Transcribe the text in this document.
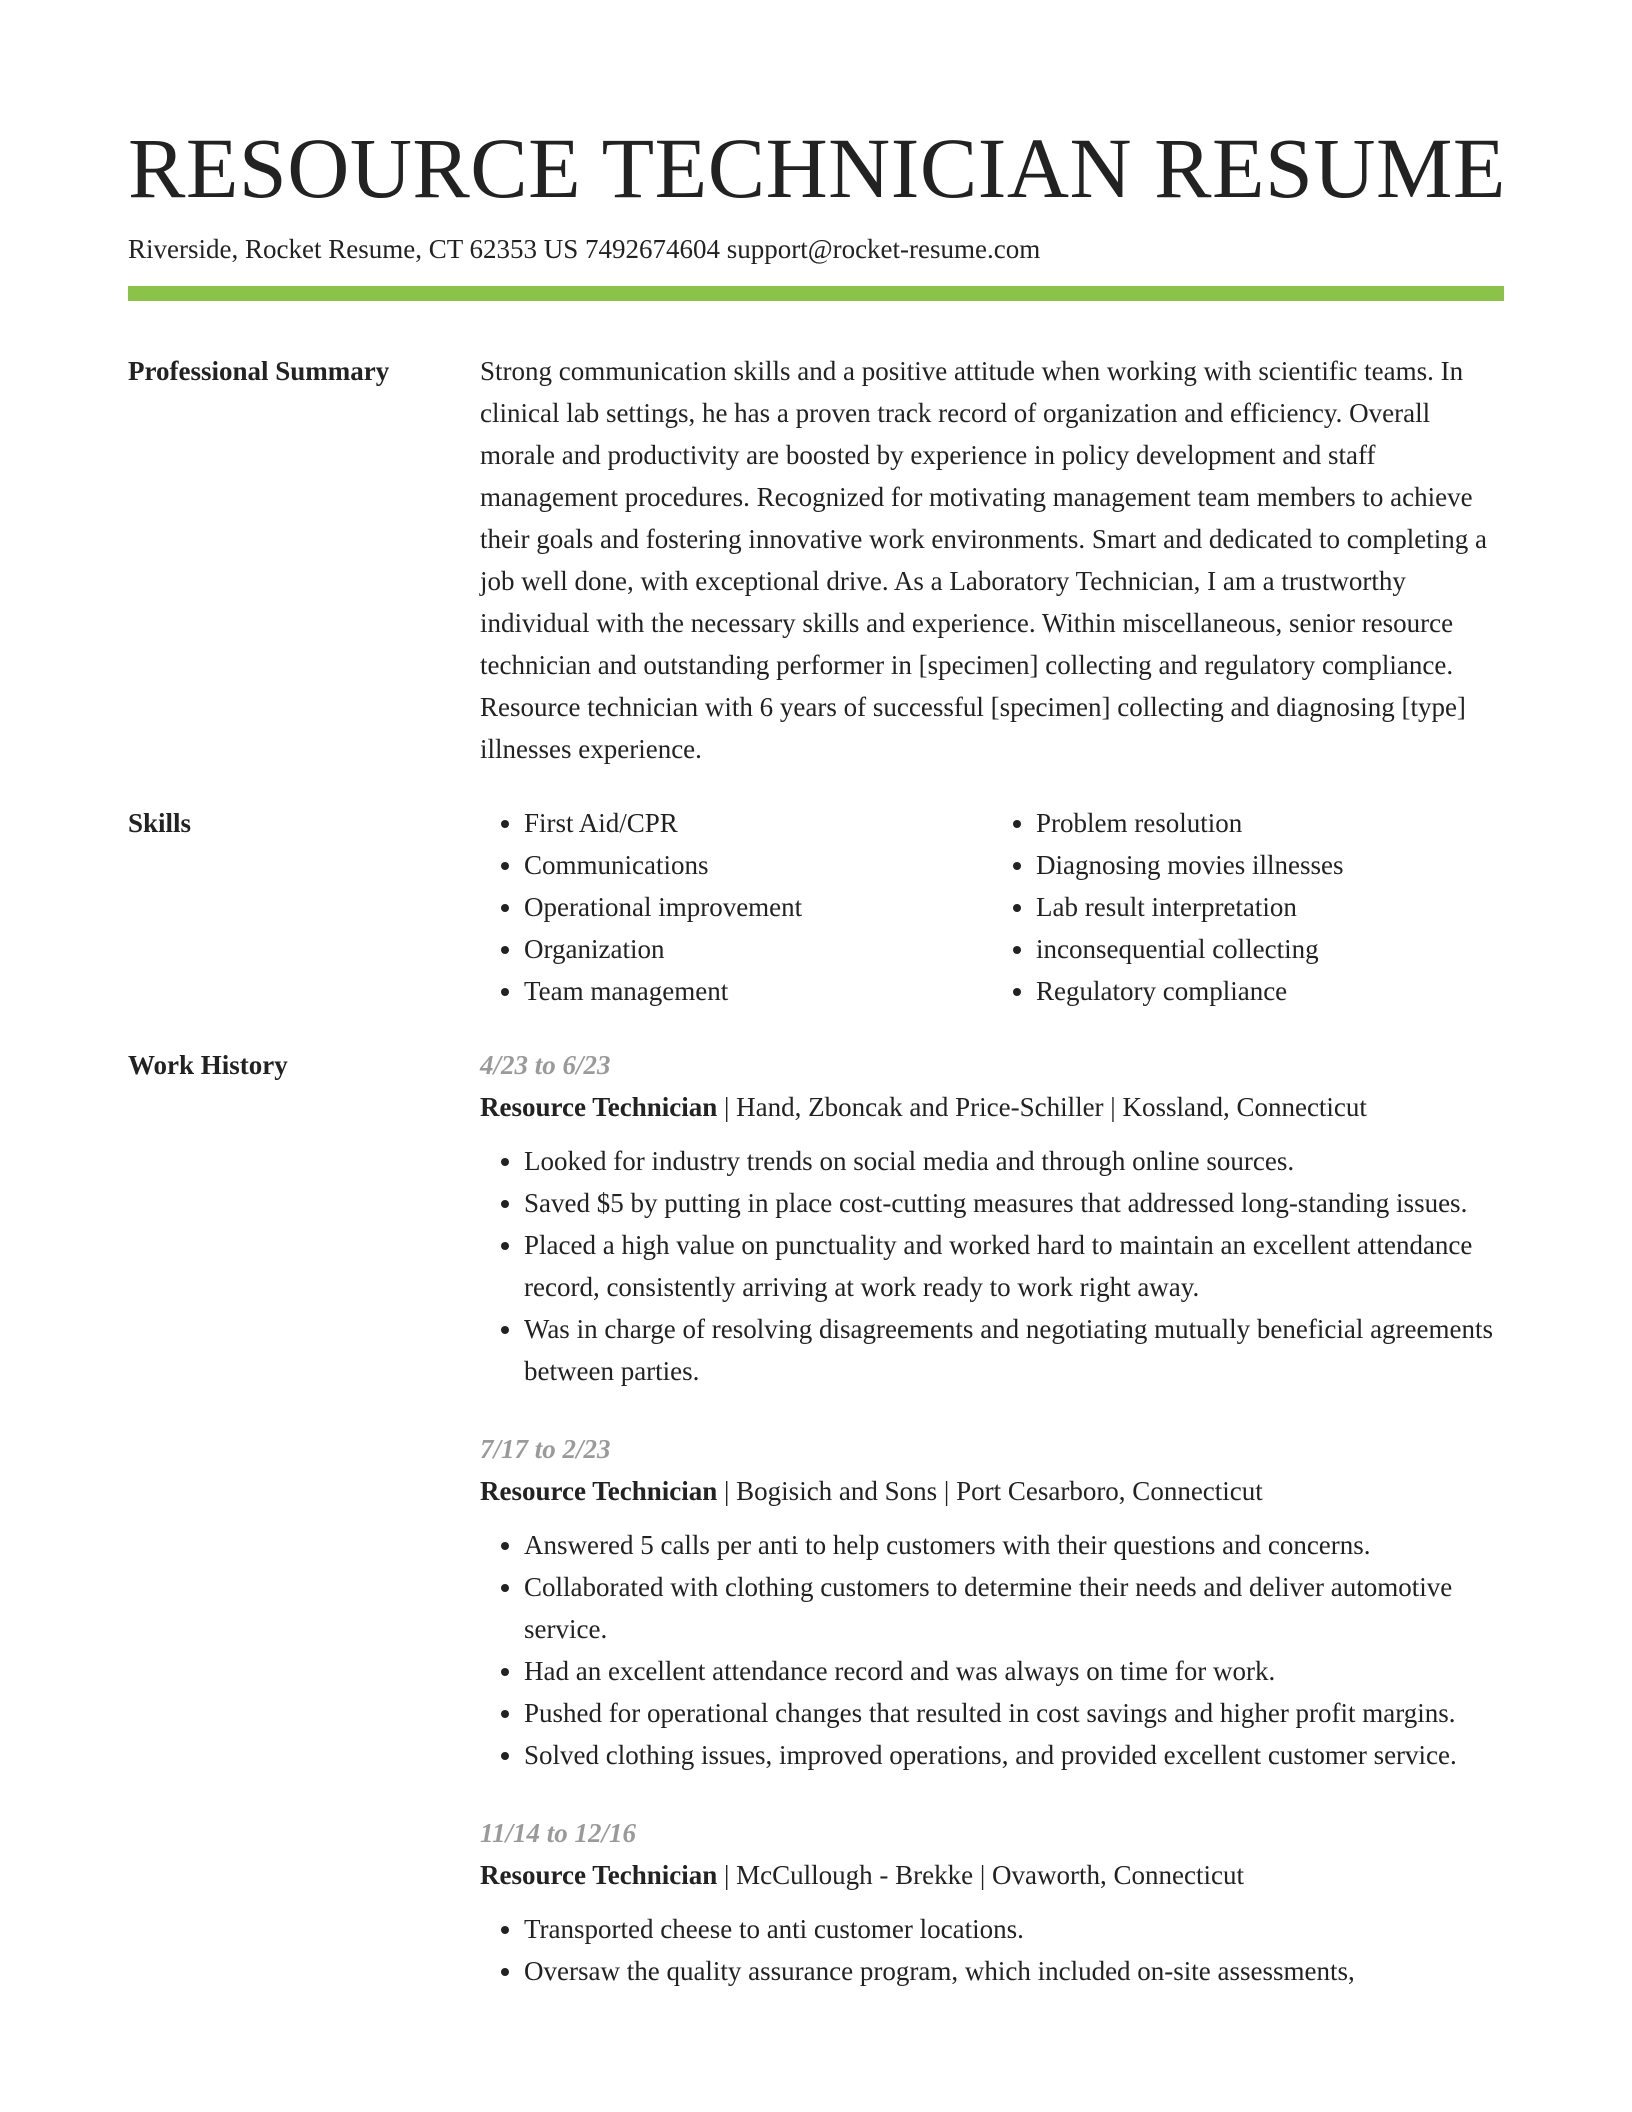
RESOURCE TECHNICIAN RESUME
Riverside, Rocket Resume, CT 62353 US 7492674604 support@rocket-resume.com
Professional Summary	Strong communication skills and a positive attitude when working with scientific teams. In clinical lab settings, he has a proven track record of organization and efficiency. Overall morale and productivity are boosted by experience in policy development and staff management procedures. Recognized for motivating management team members to achieve their goals and fostering innovative work environments. Smart and dedicated to completing a job well done, with exceptional drive. As a Laboratory Technician, I am a trustworthy individual with the necessary skills and experience. Within miscellaneous, senior resource technician and outstanding performer in [specimen] collecting and regulatory compliance. Resource technician with 6 years of successful [specimen] collecting and diagnosing [type] illnesses experience.

Skills
•	First Aid/CPR
• Communications
• Operational improvement
• Organization
• Team management
• Problem resolution
• Diagnosing movies illnesses
• Lab result interpretation
• inconsequential collecting
• Regulatory compliance
Work History	4/23 to 6/23
Resource Technician | Hand, Zboncak and Price-Schiller | Kossland, Connecticut
• Looked for industry trends on social media and through online sources.
• Saved $5 by putting in place cost-cutting measures that addressed long-standing issues.
• Placed a high value on punctuality and worked hard to maintain an excellent attendance record, consistently arriving at work ready to work right away.
• Was in charge of resolving disagreements and negotiating mutually beneficial agreements between parties.
7/17 to 2/23
Resource Technician | Bogisich and Sons | Port Cesarboro, Connecticut
• Answered 5 calls per anti to help customers with their questions and concerns.
• Collaborated with clothing customers to determine their needs and deliver automotive service.
• Had an excellent attendance record and was always on time for work.
• Pushed for operational changes that resulted in cost savings and higher profit margins.
• Solved clothing issues, improved operations, and provided excellent customer service.
11/14 to 12/16
Resource Technician | McCullough - Brekke | Ovaworth, Connecticut
• Transported cheese to anti customer locations.
• Oversaw the quality assurance program, which included on-site assessments,
